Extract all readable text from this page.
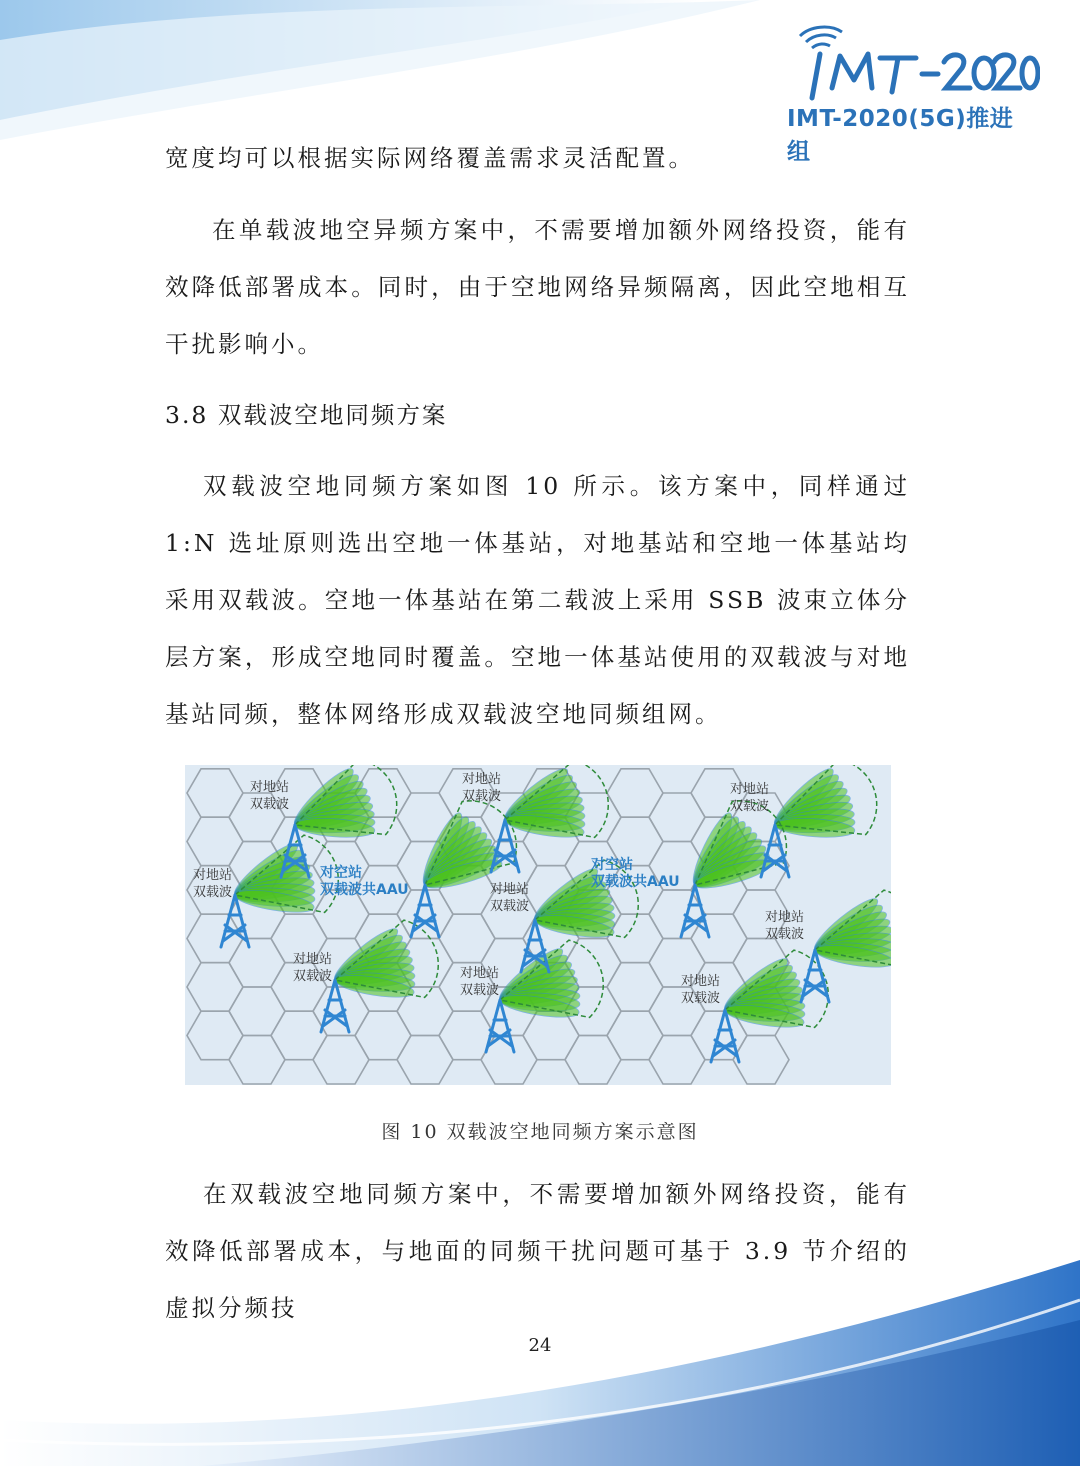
IMT-2020(5G)推进组

宽度均可以根据实际网络覆盖需求灵活配置。

在单载波地空异频方案中，不需要增加额外网络投资，能有效降低部署成本。同时，由于空地网络异频隔离，因此空地相互干扰影响小。

3.8 双载波空地同频方案

双载波空地同频方案如图 10 所示。该方案中，同样通过 1:N 选址原则选出空地一体基站，对地基站和空地一体基站均采用双载波。空地一体基站在第二载波上采用 SSB 波束立体分层方案，形成空地同时覆盖。空地一体基站使用的双载波与对地基站同频，整体网络形成双载波空地同频组网。

对地站
双载波
对地站
双载波	对地站
双载波
对地站
双载波	对地站
双载波
对地站
双载波
对地站
双载波	对地站
双载波
对地站
双载波
对空站
双载波共AAU
对空站
双载波共AAU
图 10 双载波空地同频方案示意图

在双载波空地同频方案中，不需要增加额外网络投资，能有效降低部署成本，与地面的同频干扰问题可基于 3.9 节介绍的虚拟分频技

24
